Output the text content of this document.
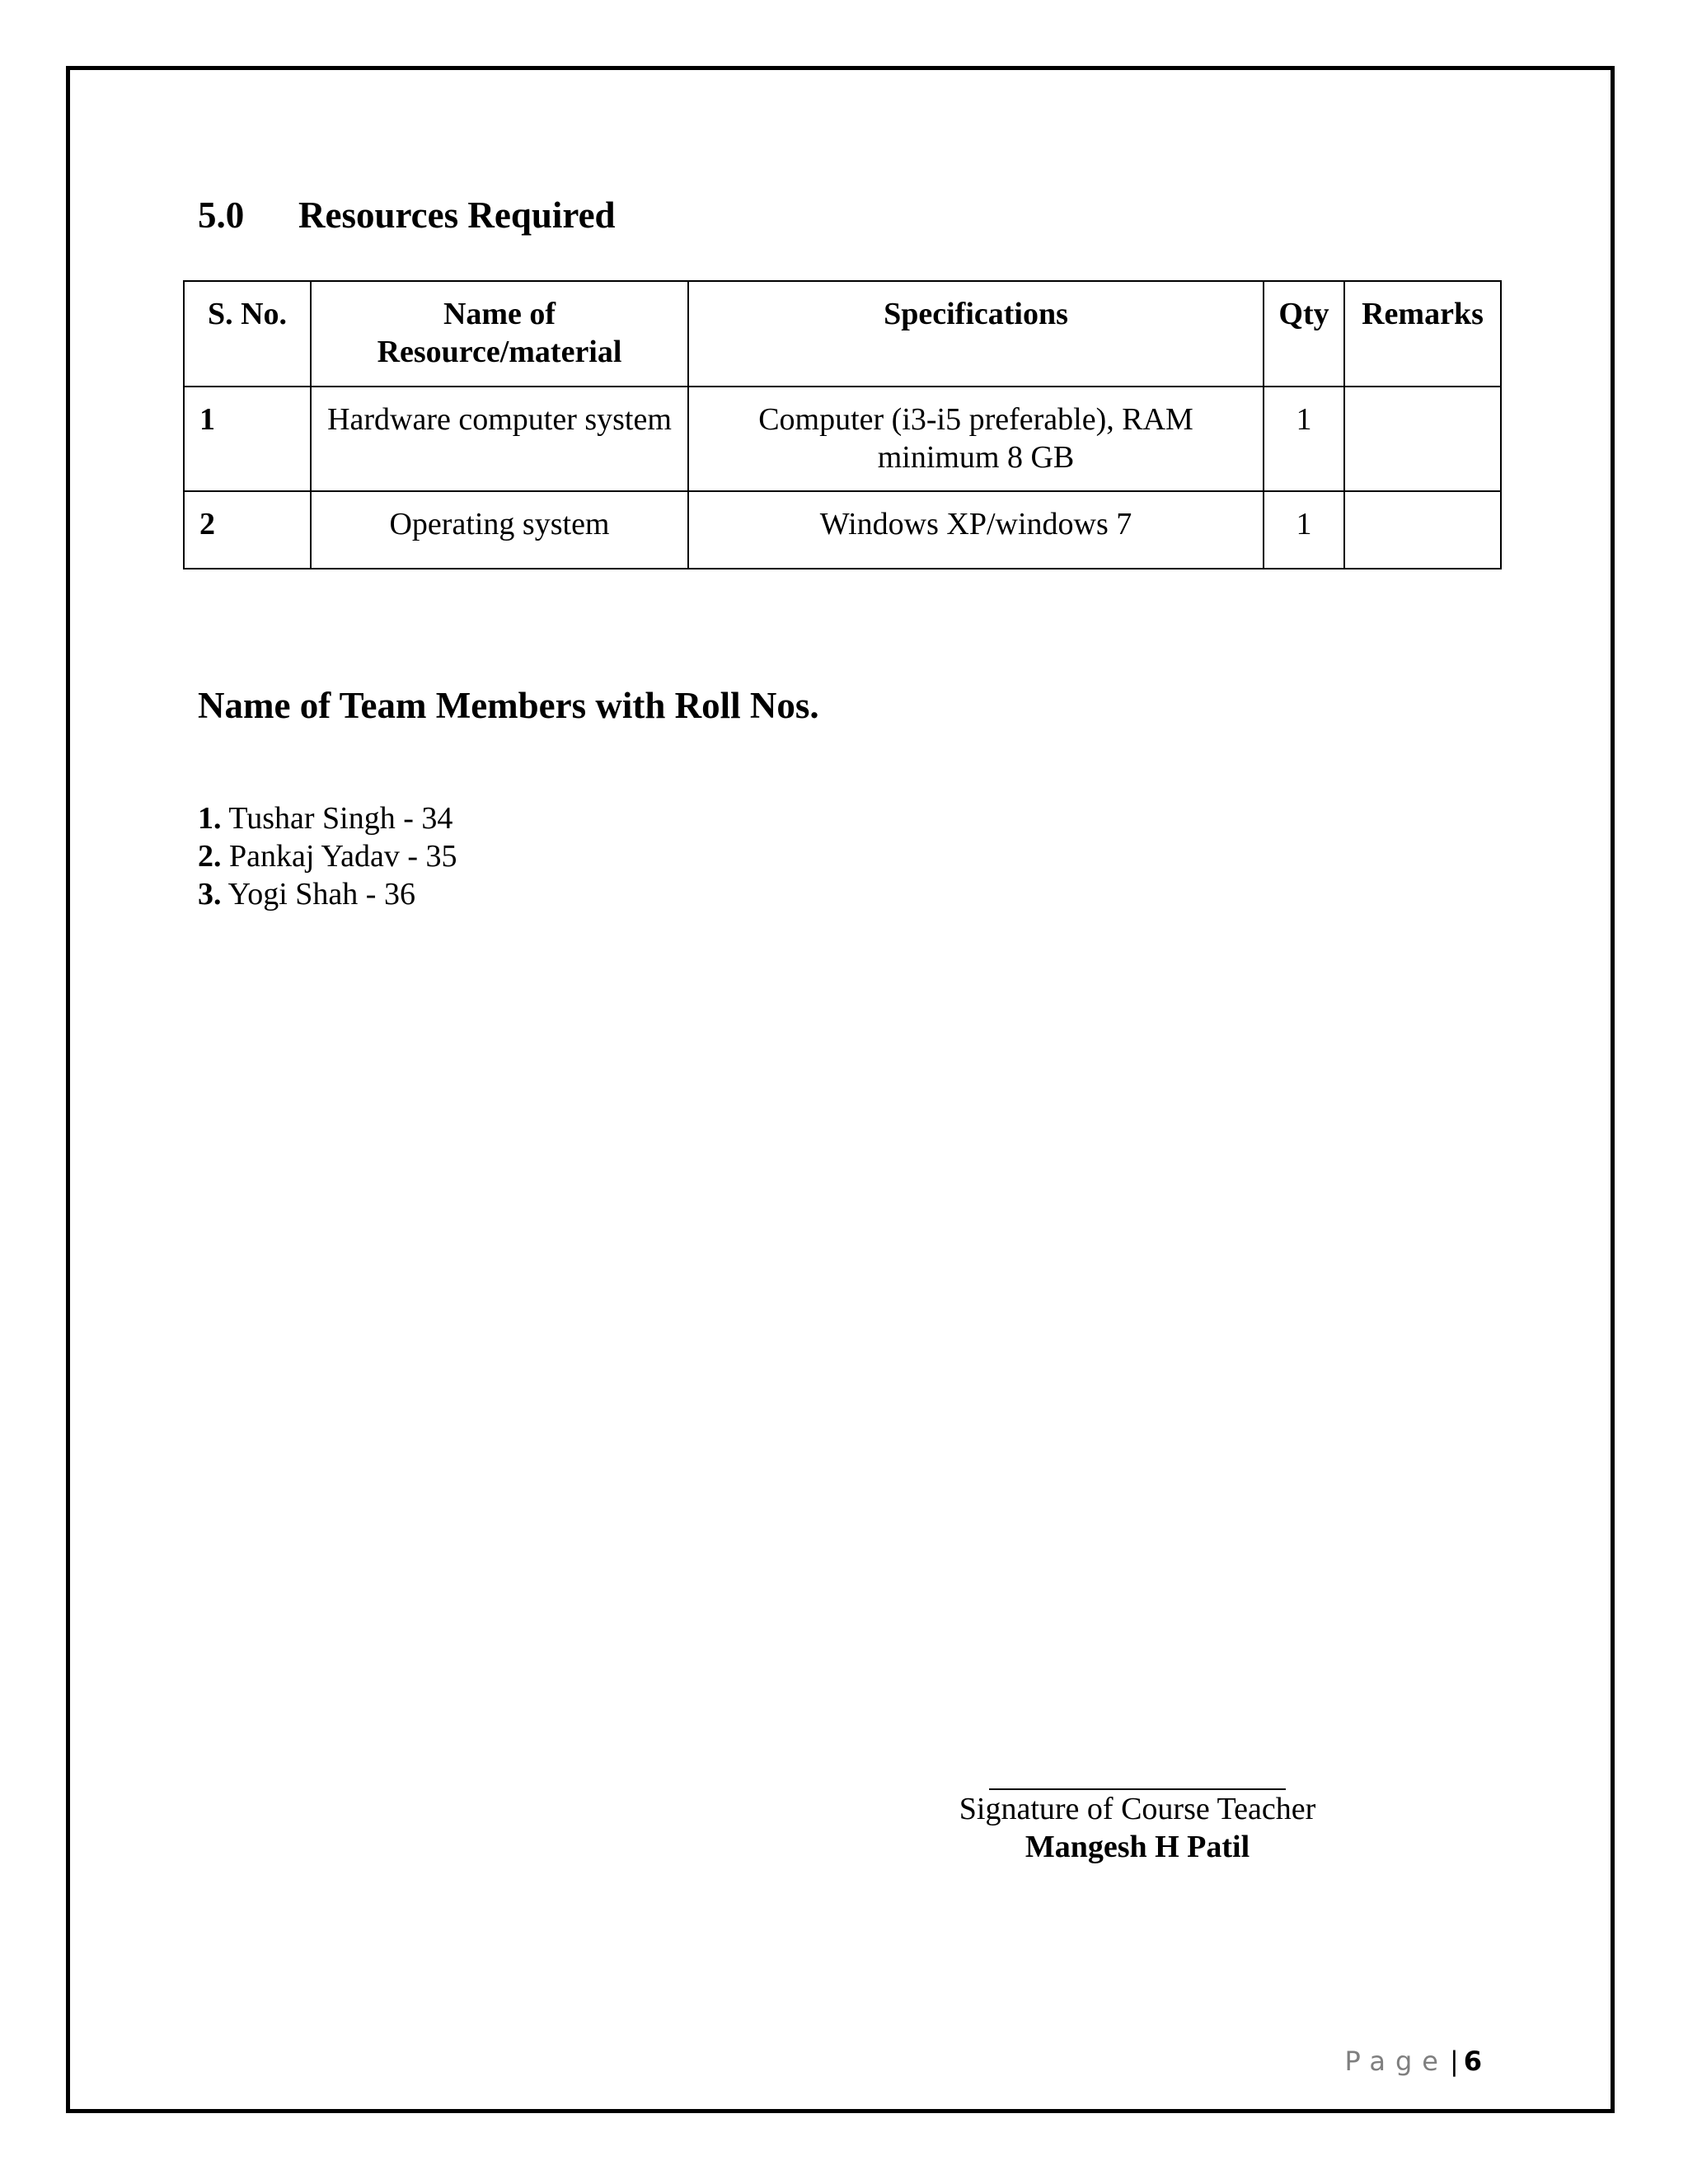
5.0 Resources Required
S. No.	Name of Resource/material	Specifications	Qty	Remarks
1	Hardware computer system	Computer (i3-i5 preferable), RAM minimum 8 GB	1	
2	Operating system	Windows XP/windows 7	1	
Name of Team Members with Roll Nos.
1. Tushar Singh - 34
2. Pankaj Yadav - 35
3. Yogi Shah - 36
Signature of Course Teacher
Mangesh H Patil
Page| 6
